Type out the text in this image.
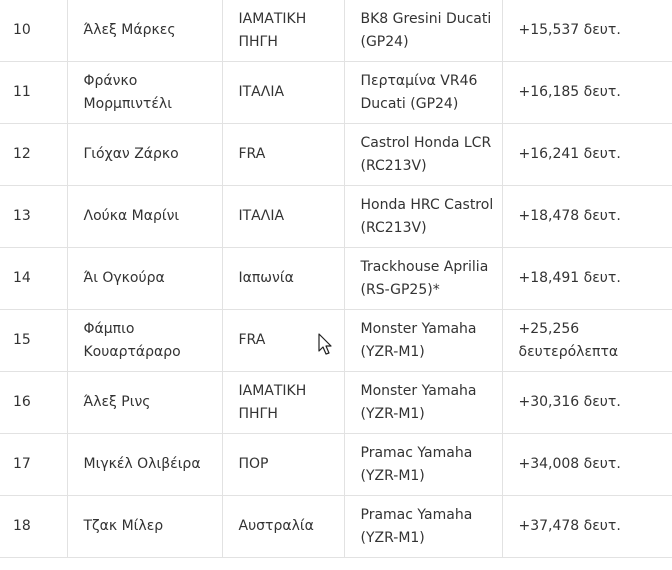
10	Άλεξ Μάρκες	ΙΑΜΑΤΙΚΗ ΠΗΓΗ	BK8 Gresini Ducati (GP24)	+15,537 δευτ.
11	Φράνκο Μορμπιντέλι	ΙΤΑΛΙΑ	Περταμίνα VR46 Ducati (GP24)	+16,185 δευτ.
12	Γιόχαν Ζάρκο	FRA	Castrol Honda LCR (RC213V)	+16,241 δευτ.
13	Λούκα Μαρίνι	ΙΤΑΛΙΑ	Honda HRC Castrol (RC213V)	+18,478 δευτ.
14	Άι Ογκούρα	Ιαπωνία	Trackhouse Aprilia (RS-GP25)*	+18,491 δευτ.
15	Φάμπιο Κουαρτάραρο	FRA	Monster Yamaha (YZR-M1)	+25,256 δευτερόλεπτα
16	Άλεξ Ρινς	ΙΑΜΑΤΙΚΗ ΠΗΓΗ	Monster Yamaha (YZR-M1)	+30,316 δευτ.
17	Μιγκέλ Ολιβέιρα	ΠΟΡ	Pramac Yamaha (YZR-M1)	+34,008 δευτ.
18	Τζακ Μίλερ	Αυστραλία	Pramac Yamaha (YZR-M1)	+37,478 δευτ.
